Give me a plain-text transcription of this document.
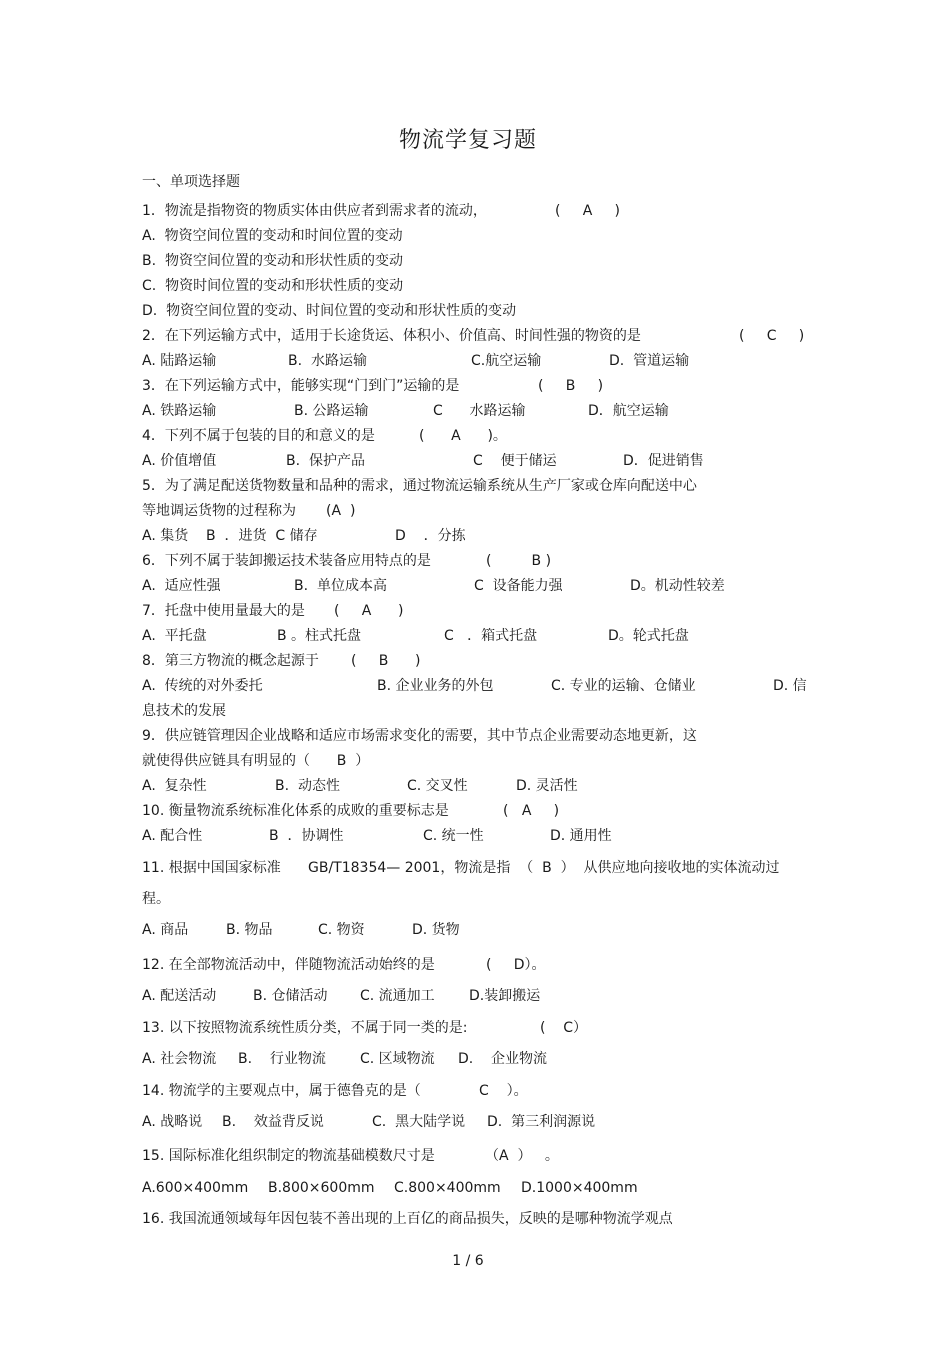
物流学复习题

一、单项选择题

1．物流是指物资的物质实体由供应者到需求者的流动，	(     A     )
A.  物资空间位置的变动和时间位置的变动
B.  物资空间位置的变动和形状性质的变动
C.  物资时间位置的变动和形状性质的变动
D.  物资空间位置的变动、时间位置的变动和形状性质的变动
2．在下列运输方式中，适用于长途货运、体积小、价值高、时间性强的物资的是	(     C     )
A. 陆路运输	B.  水路运输	C.航空运输	D.  管道运输
3．在下列运输方式中，能够实现“门到门”运输的是	(     B     )
A. 铁路运输	B. 公路运输	C      水路运输	D．航空运输
4．下列不属于包装的目的和意义的是	(      A      )。
A. 价值增值	B.  保护产品	C    便于储运	D．促进销售
5．为了满足配送货物数量和品种的需求，通过物流运输系统从生产厂家或仓库向配送中心
等地调运货物的过程称为 (A  )
A. 集货    B  ．进货  C 储存	D    ．分拣
6．下列不属于装卸搬运技术装备应用特点的是	(         B )
A.  适应性强	B.  单位成本高	C  设备能力强	D。机动性较差
7．托盘中使用量最大的是 (     A      )
A.  平托盘	B 。柱式托盘	C   ．箱式托盘	D。轮式托盘
8．第三方物流的概念起源于 (     B      )
A.  传统的对外委托	B. 企业业务的外包	C. 专业的运输、仓储业	D. 信
息技术的发展
9．供应链管理因企业战略和适应市场需求变化的需要，其中节点企业需要动态地更新，这
就使得供应链具有明显的（      B  ）
A.  复杂性	B.  动态性	C. 交叉性	D. 灵活性
10. 衡量物流系统标准化体系的成败的重要标志是	(   A     )
A. 配合性	B  ．协调性	C. 统一性	D. 通用性
11. 根据中国国家标准 GB/T18354— 2001，物流是指  （  B  ）  从供应地向接收地的实体流动过
程。
A. 商品	B. 物品	C. 物资	D. 货物
12. 在全部物流活动中，伴随物流活动始终的是	(     D）。
A. 配送活动	B. 仓储活动 C. 流通加工 D.装卸搬运
13. 以下按照物流系统性质分类，不属于同一类的是:	(    C）
A. 社会物流 B.    行业物流 C. 区域物流 D.    企业物流
14. 物流学的主要观点中，属于德鲁克的是（	C    ）。
A. 战略说 B.    效益背反说	C.  黑大陆学说 D.  第三利润源说
15. 国际标准化组织制定的物流基础模数尺寸是	（A  ）   。
A.600×400mm B.800×600mm C.800×400mm D.1000×400mm
16. 我国流通领域每年因包装不善出现的上百亿的商品损失，反映的是哪种物流学观点
1 / 6
